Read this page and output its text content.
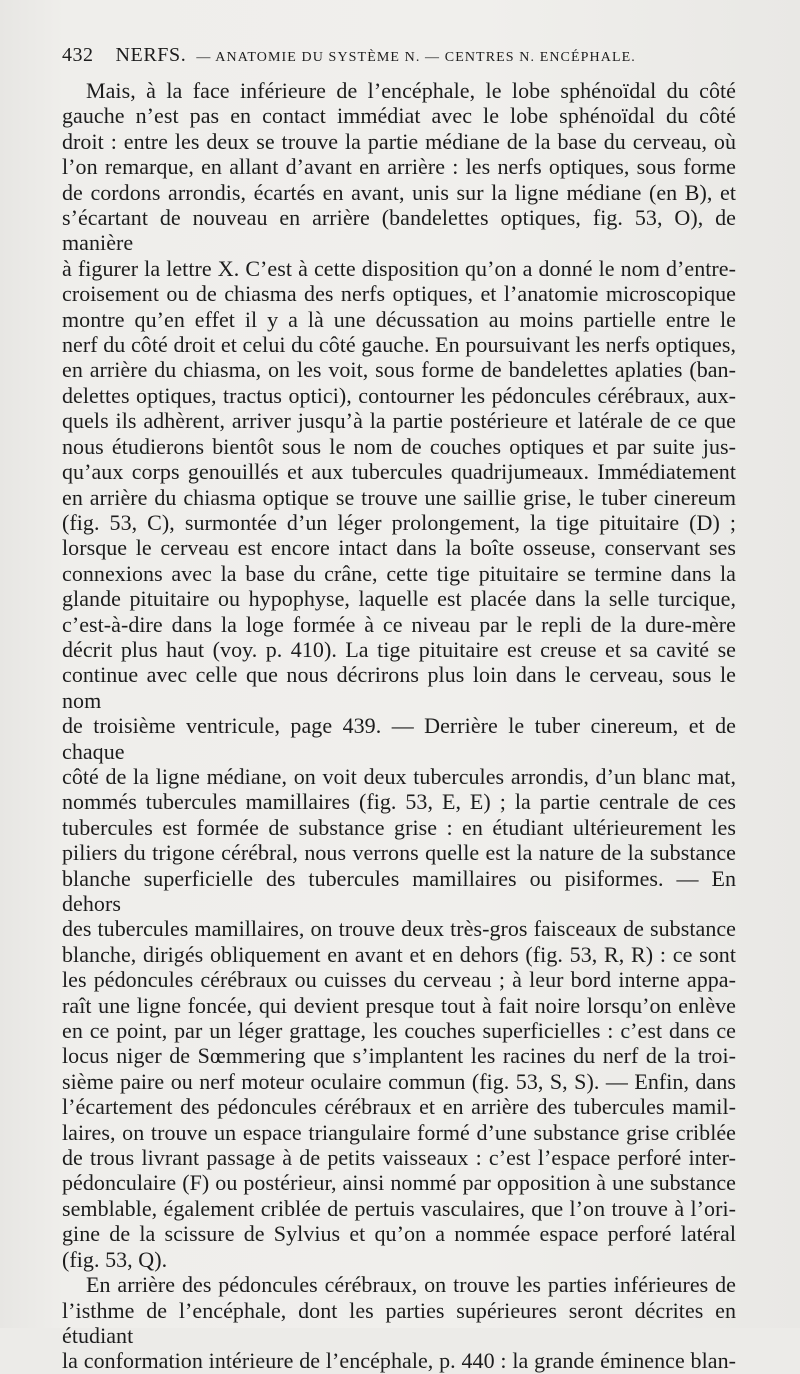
432 NERFS. — ANATOMIE DU SYSTÈME N. — CENTRES N. ENCÉPHALE.

Mais, à la face inférieure de l’encéphale, le lobe sphénoïdal du côté

gauche n’est pas en contact immédiat avec le lobe sphénoïdal du côté

droit : entre les deux se trouve la partie médiane de la base du cerveau, où

l’on remarque, en allant d’avant en arrière : les nerfs optiques, sous forme

de cordons arrondis, écartés en avant, unis sur la ligne médiane (en B), et

s’écartant de nouveau en arrière (bandelettes optiques, fig. 53, O), de manière

à figurer la lettre X. C’est à cette disposition qu’on a donné le nom d’entre-

croisement ou de chiasma des nerfs optiques, et l’anatomie microscopique

montre qu’en effet il y a là une décussation au moins partielle entre le

nerf du côté droit et celui du côté gauche. En poursuivant les nerfs optiques,

en arrière du chiasma, on les voit, sous forme de bandelettes aplaties (ban-

delettes optiques, tractus optici), contourner les pédoncules cérébraux, aux-

quels ils adhèrent, arriver jusqu’à la partie postérieure et latérale de ce que

nous étudierons bientôt sous le nom de couches optiques et par suite jus-

qu’aux corps genouillés et aux tubercules quadrijumeaux. Immédiatement

en arrière du chiasma optique se trouve une saillie grise, le tuber cinereum

(fig. 53, C), surmontée d’un léger prolongement, la tige pituitaire (D) ;

lorsque le cerveau est encore intact dans la boîte osseuse, conservant ses

connexions avec la base du crâne, cette tige pituitaire se termine dans la

glande pituitaire ou hypophyse, laquelle est placée dans la selle turcique,

c’est-à-dire dans la loge formée à ce niveau par le repli de la dure-mère

décrit plus haut (voy. p. 410). La tige pituitaire est creuse et sa cavité se

continue avec celle que nous décrirons plus loin dans le cerveau, sous le nom

de troisième ventricule, page 439. — Derrière le tuber cinereum, et de chaque

côté de la ligne médiane, on voit deux tubercules arrondis, d’un blanc mat,

nommés tubercules mamillaires (fig. 53, E, E) ; la partie centrale de ces

tubercules est formée de substance grise : en étudiant ultérieurement les

piliers du trigone cérébral, nous verrons quelle est la nature de la substance

blanche superficielle des tubercules mamillaires ou pisiformes. — En dehors

des tubercules mamillaires, on trouve deux très-gros faisceaux de substance

blanche, dirigés obliquement en avant et en dehors (fig. 53, R, R) : ce sont

les pédoncules cérébraux ou cuisses du cerveau ; à leur bord interne appa-

raît une ligne foncée, qui devient presque tout à fait noire lorsqu’on enlève

en ce point, par un léger grattage, les couches superficielles : c’est dans ce

locus niger de Sœmmering que s’implantent les racines du nerf de la troi-

sième paire ou nerf moteur oculaire commun (fig. 53, S, S). — Enfin, dans

l’écartement des pédoncules cérébraux et en arrière des tubercules mamil-

laires, on trouve un espace triangulaire formé d’une substance grise criblée

de trous livrant passage à de petits vaisseaux : c’est l’espace perforé inter-

pédonculaire (F) ou postérieur, ainsi nommé par opposition à une substance

semblable, également criblée de pertuis vasculaires, que l’on trouve à l’ori-

gine de la scissure de Sylvius et qu’on a nommée espace perforé latéral

(fig. 53, Q).

En arrière des pédoncules cérébraux, on trouve les parties inférieures de

l’isthme de l’encéphale, dont les parties supérieures seront décrites en étudiant

la conformation intérieure de l’encéphale, p. 440 : la grande éminence blan-
